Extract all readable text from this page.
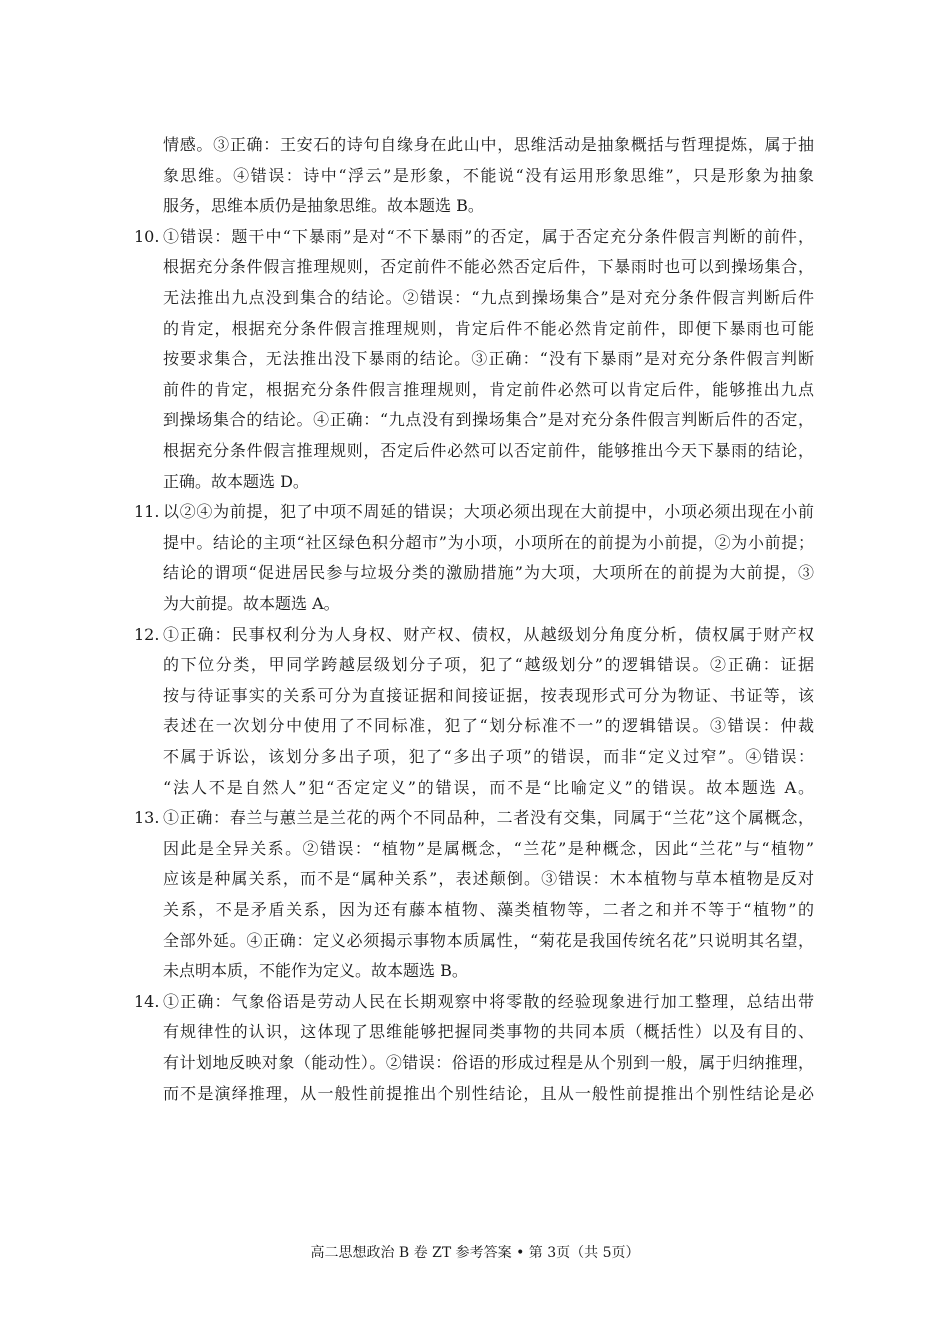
情感。③正确：王安石的诗句自缘身在此山中，思维活动是抽象概括与哲理提炼，属于抽
象思维。④错误：诗中“浮云”是形象，不能说“没有运用形象思维”，只是形象为抽象
服务，思维本质仍是抽象思维。故本题选 B。
10. ①错误：题干中“下暴雨”是对“不下暴雨”的否定，属于否定充分条件假言判断的前件，
根据充分条件假言推理规则，否定前件不能必然否定后件，下暴雨时也可以到操场集合，
无法推出九点没到集合的结论。②错误：“九点到操场集合”是对充分条件假言判断后件
的肯定，根据充分条件假言推理规则，肯定后件不能必然肯定前件，即便下暴雨也可能
按要求集合，无法推出没下暴雨的结论。③正确：“没有下暴雨”是对充分条件假言判断
前件的肯定，根据充分条件假言推理规则，肯定前件必然可以肯定后件，能够推出九点
到操场集合的结论。④正确：“九点没有到操场集合”是对充分条件假言判断后件的否定，
根据充分条件假言推理规则，否定后件必然可以否定前件，能够推出今天下暴雨的结论，
正确。故本题选 D。
11. 以②④为前提，犯了中项不周延的错误；大项必须出现在大前提中，小项必须出现在小前
提中。结论的主项“社区绿色积分超市”为小项，小项所在的前提为小前提，②为小前提；
结论的谓项“促进居民参与垃圾分类的激励措施”为大项，大项所在的前提为大前提，③
为大前提。故本题选 A。
12. ①正确：民事权利分为人身权、财产权、债权，从越级划分角度分析，债权属于财产权
的下位分类，甲同学跨越层级划分子项，犯了“越级划分”的逻辑错误。②正确：证据
按与待证事实的关系可分为直接证据和间接证据，按表现形式可分为物证、书证等，该
表述在一次划分中使用了不同标准，犯了“划分标准不一”的逻辑错误。③错误：仲裁
不属于诉讼，该划分多出子项，犯了“多出子项”的错误，而非“定义过窄”。④错误：
“法人不是自然人”犯“否定定义”的错误，而不是“比喻定义”的错误。故本题选 A。
13. ①正确：春兰与蕙兰是兰花的两个不同品种，二者没有交集，同属于“兰花”这个属概念，
因此是全异关系。②错误：“植物”是属概念，“兰花”是种概念，因此“兰花”与“植物”
应该是种属关系，而不是“属种关系”，表述颠倒。③错误：木本植物与草本植物是反对
关系，不是矛盾关系，因为还有藤本植物、藻类植物等，二者之和并不等于“植物”的
全部外延。④正确：定义必须揭示事物本质属性，“菊花是我国传统名花”只说明其名望，
未点明本质，不能作为定义。故本题选 B。
14. ①正确：气象俗语是劳动人民在长期观察中将零散的经验现象进行加工整理，总结出带
有规律性的认识，这体现了思维能够把握同类事物的共同本质（概括性）以及有目的、
有计划地反映对象（能动性）。②错误：俗语的形成过程是从个别到一般，属于归纳推理，
而不是演绎推理，从一般性前提推出个别性结论，且从一般性前提推出个别性结论是必
高二思想政治 B 卷 ZT 参考答案 • 第 3页（共 5页）
